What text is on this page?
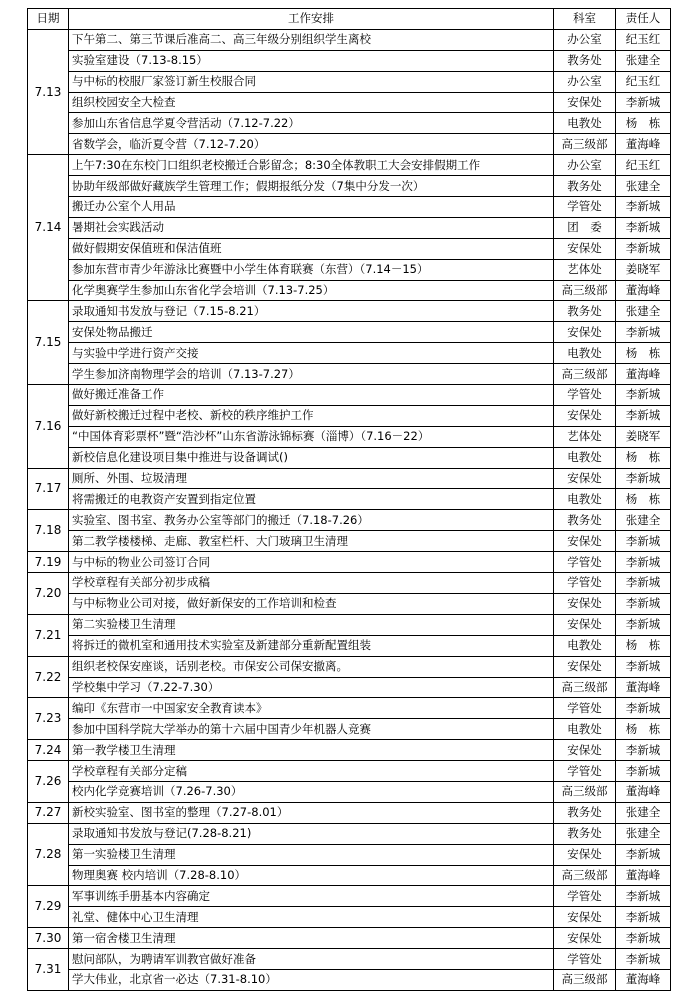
日期	工作安排	科室	责任人
7.13	下午第二、第三节课后准高二、高三年级分别组织学生离校	办公室	纪玉红
	实验室建设（7.13-8.15）	教务处	张建全
	与中标的校服厂家签订新生校服合同	办公室	纪玉红
	组织校园安全大检查	安保处	李新城
	参加山东省信息学夏令营活动（7.12-7.22）	电教处	杨　栋
	省数学会，临沂夏令营（7.12-7.20）	高三级部	董海峰
7.14	上午7:30在东校门口组织老校搬迁合影留念；8:30全体教职工大会安排假期工作	办公室	纪玉红
	协助年级部做好藏族学生管理工作；假期报纸分发（7集中分发一次）	教务处	张建全
	搬迁办公室个人用品	学管处	李新城
	暑期社会实践活动	团　委	李新城
	做好假期安保值班和保洁值班	安保处	李新城
	参加东营市青少年游泳比赛暨中小学生体育联赛（东营）（7.14－15）	艺体处	姜晓军
	化学奥赛学生参加山东省化学会培训（7.13-7.25）	高三级部	董海峰
7.15	录取通知书发放与登记（7.15-8.21）	教务处	张建全
	安保处物品搬迁	安保处	李新城
	与实验中学进行资产交接	电教处	杨　栋
	学生参加济南物理学会的培训（7.13-7.27）	高三级部	董海峰
7.16	做好搬迁准备工作	学管处	李新城
	做好新校搬迁过程中老校、新校的秩序维护工作	安保处	李新城
	“中国体育彩票杯”暨“浩沙杯”山东省游泳锦标赛（淄博）（7.16－22）	艺体处	姜晓军
	新校信息化建设项目集中推进与设备调试()	电教处	杨　栋
7.17	厕所、外围、垃圾清理	安保处	李新城
	将需搬迁的电教资产安置到指定位置	电教处	杨　栋
7.18	实验室、图书室、教务办公室等部门的搬迁（7.18-7.26）	教务处	张建全
	第二教学楼楼梯、走廊、教室栏杆、大门玻璃卫生清理	安保处	李新城
7.19	与中标的物业公司签订合同	学管处	李新城
7.20	学校章程有关部分初步成稿	学管处	李新城
	与中标物业公司对接，做好新保安的工作培训和检查	安保处	李新城
7.21	第二实验楼卫生清理	安保处	李新城
	将拆迁的微机室和通用技术实验室及新建部分重新配置组装	电教处	杨　栋
7.22	组织老校保安座谈，话别老校。市保安公司保安撤离。	安保处	李新城
	学校集中学习（7.22-7.30）	高三级部	董海峰
7.23	编印《东营市一中国家安全教育读本》	学管处	李新城
	参加中国科学院大学举办的第十六届中国青少年机器人竞赛	电教处	杨　栋
7.24	第一教学楼卫生清理	安保处	李新城
7.26	学校章程有关部分定稿	学管处	李新城
	校内化学竞赛培训（7.26-7.30）	高三级部	董海峰
7.27	新校实验室、图书室的整理（7.27-8.01）	教务处	张建全
7.28	录取通知书发放与登记(7.28-8.21)	教务处	张建全
	第一实验楼卫生清理	安保处	李新城
	物理奥赛 校内培训（7.28-8.10）	高三级部	董海峰
7.29	军事训练手册基本内容确定	学管处	李新城
	礼堂、健体中心卫生清理	安保处	李新城
7.30	第一宿舍楼卫生清理	安保处	李新城
7.31	慰问部队，为聘请军训教官做好准备	学管处	李新城
	学大伟业，北京省一必达（7.31-8.10）	高三级部	董海峰
